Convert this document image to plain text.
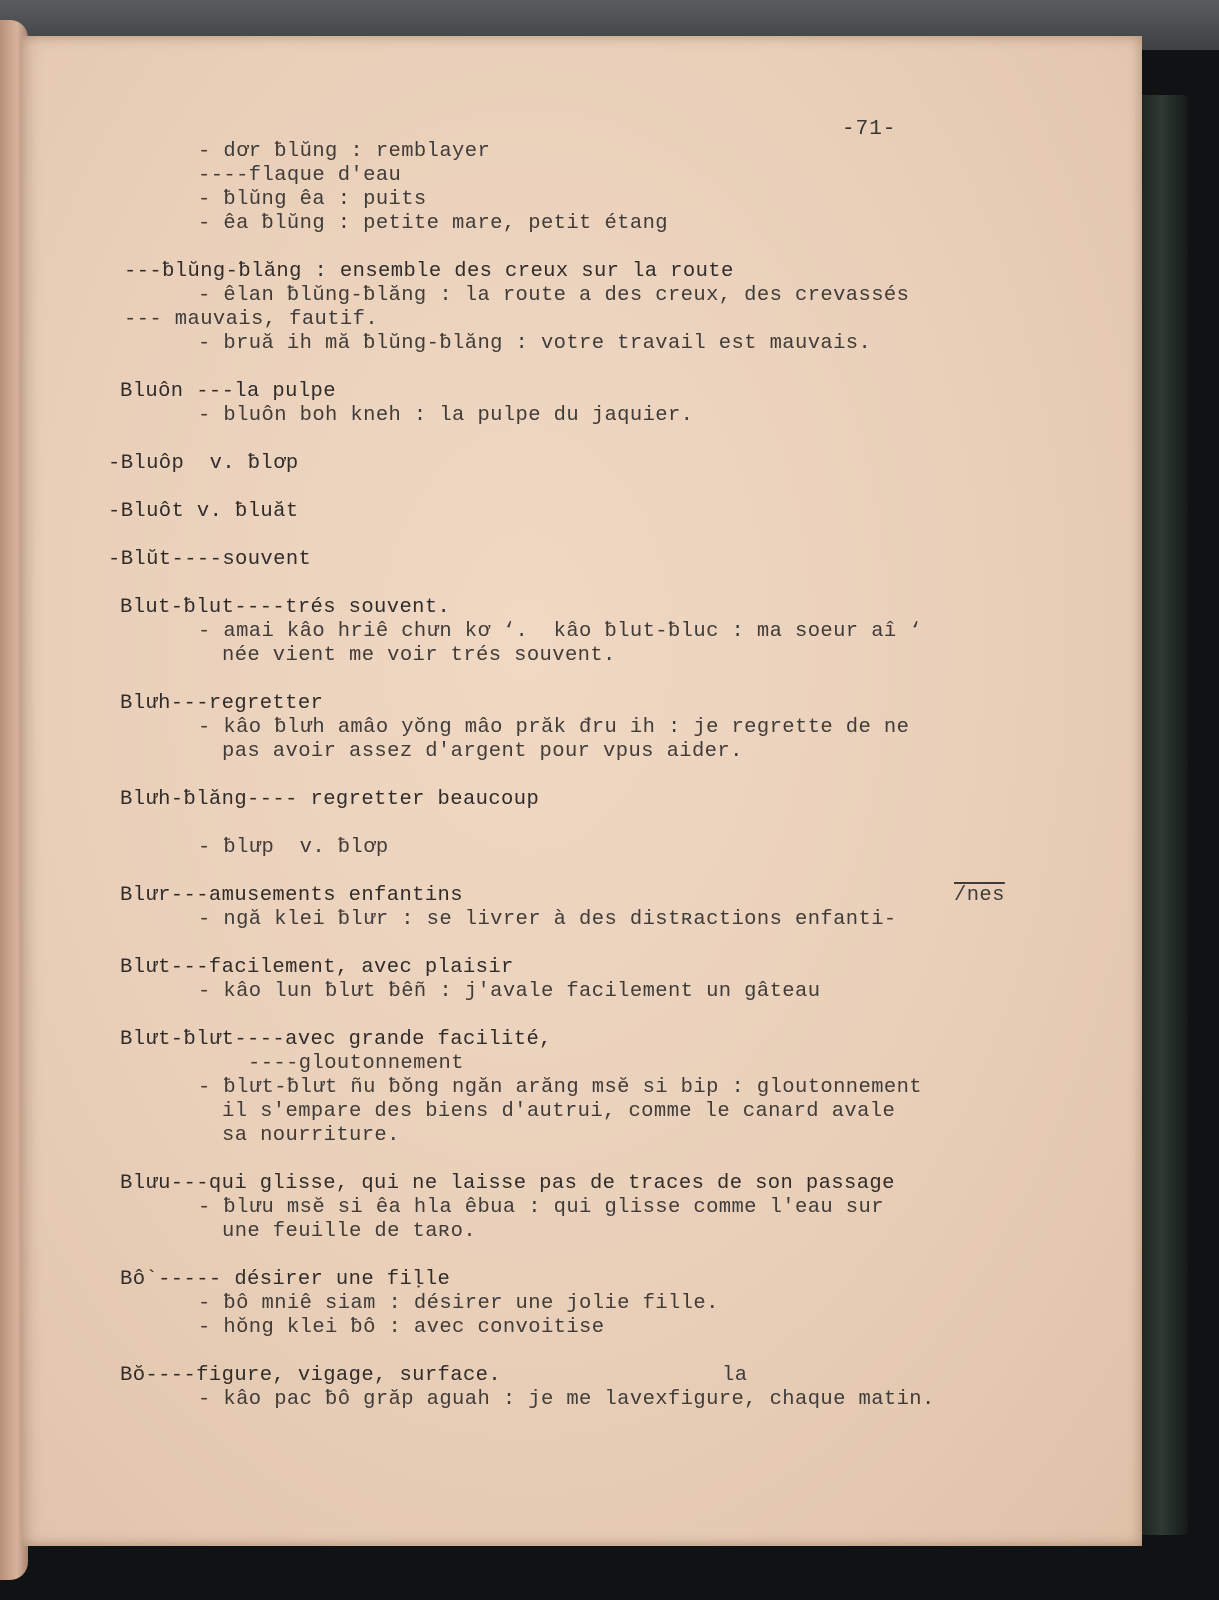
-71-
- dơr ƀlŭng : remblayer
----flaque d'eau
- ƀlŭng êa : puits
- êa ƀlŭng : petite mare, petit étang
---ƀlŭng-ƀlăng : ensemble des creux sur la route
- êlan ƀlŭng-ƀlăng : la route a des creux, des crevassés
--- mauvais, fautif.
- bruă ih mă ƀlŭng-ƀlăng : votre travail est mauvais.
Bluôn ---la pulpe
- bluôn boh kneh : la pulpe du jaquier.
-Bluôp  v. ƀlơp
-Bluôt v. ƀluăt
-Blŭt----souvent
Blut-ƀlut----trés souvent.
- amai kâo hriê chưn kơ ‘.  kâo ƀlut-ƀluc : ma soeur aî ‘
née vient me voir trés souvent.
Blưh---regretter
- kâo ƀlưh amâo yŏng mâo prăk đru ih : je regrette de ne
pas avoir assez d'argent pour vpus aider.
Blưh-ƀlăng---- regretter beaucoup
- ƀlưp  v. ƀlơp
Blưr---amusements enfantins	/nes
- ngă klei ƀlưr : se livrer à des distʀactions enfanti-
Blưt---facilement, avec plaisir
- kâo lun ƀlưt ƀêñ : j'avale facilement un gâteau
Blưt-ƀlưt----avec grande facilité,
----gloutonnement
- ƀlưt-ƀlưt ñu ƀŏng ngăn arăng msĕ si bip : gloutonnement
il s'empare des biens d'autrui, comme le canard avale
sa nourriture.
Blưu---qui glisse, qui ne laisse pas de traces de son passage
- ƀlưu msĕ si êa hla êbua : qui glisse comme l'eau sur
une feuille de taʀo.
Bô`----- désirer une fiḷle
- ƀô mniê siam : désirer une jolie fille.
- hŏng klei ƀô : avec convoitise
Bŏ----figure, vigage, surface.	la
- kâo pac ƀô grăp aguah : je me lavexfigure, chaque matin.
